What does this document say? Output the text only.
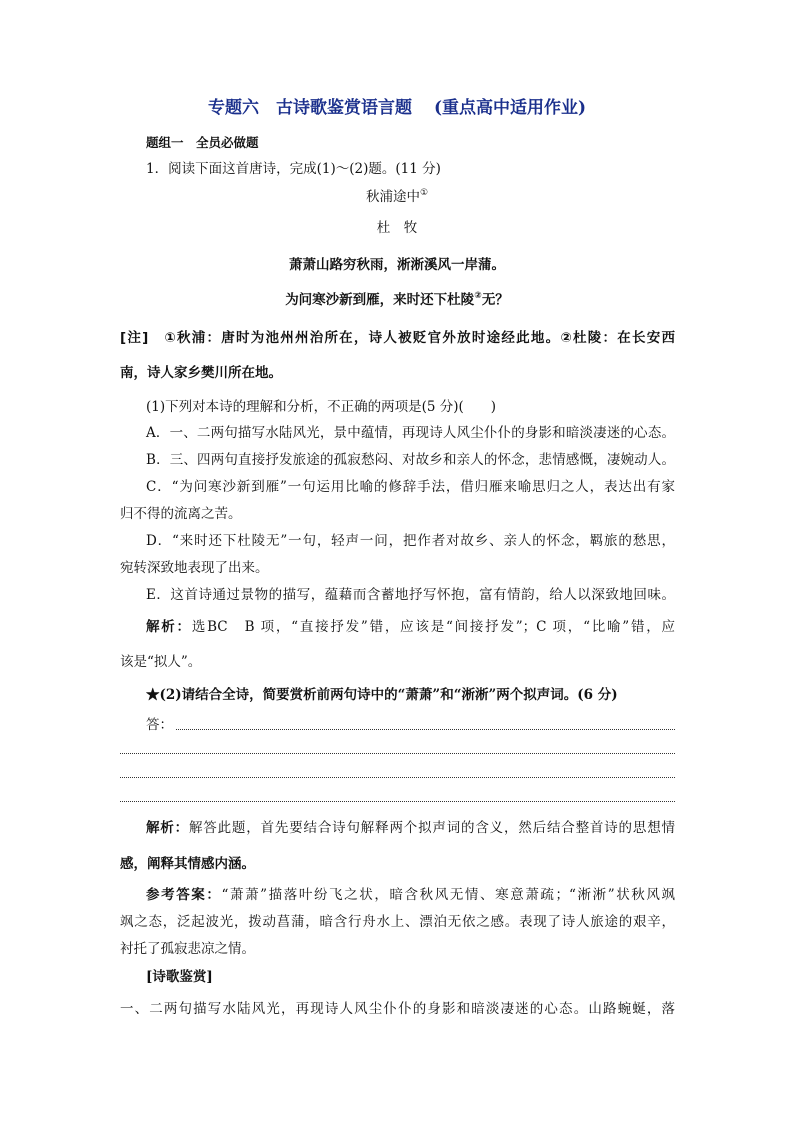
专题六　古诗歌鉴赏语言题 (重点高中适用作业)
题组一　全员必做题
1．阅读下面这首唐诗，完成(1)～(2)题。(11 分)
秋浦途中①
杜　牧
萧萧山路穷秋雨，淅淅溪风一岸蒲。
为问寒沙新到雁，来时还下杜陵②无？
[注]　①秋浦：唐时为池州州治所在，诗人被贬官外放时途经此地。②杜陵：在长安西
南，诗人家乡樊川所在地。
(1)下列对本诗的理解和分析，不正确的两项是(5 分)(　　)
A．一、二两句描写水陆风光，景中蕴情，再现诗人风尘仆仆的身影和暗淡凄迷的心态。
B．三、四两句直接抒发旅途的孤寂愁闷、对故乡和亲人的怀念，悲情感慨，凄婉动人。
C．“为问寒沙新到雁”一句运用比喻的修辞手法，借归雁来喻思归之人，表达出有家
归不得的流离之苦。
D．“来时还下杜陵无”一句，轻声一问，把作者对故乡、亲人的怀念，羁旅的愁思，
宛转深致地表现了出来。
E．这首诗通过景物的描写，蕴藉而含蓄地抒写怀抱，富有情韵，给人以深致地回味。
解析：选BC　B 项，“直接抒发”错，应该是“间接抒发”；C 项，“比喻”错，应
该是“拟人”。
★(2)请结合全诗，简要赏析前两句诗中的“萧萧”和“淅淅”两个拟声词。(6 分)
答：
解析：解答此题，首先要结合诗句解释两个拟声词的含义，然后结合整首诗的思想情
感，阐释其情感内涵。
参考答案：“萧萧”描落叶纷飞之状，暗含秋风无情、寒意萧疏；“淅淅”状秋风飒
飒之态，泛起波光，拨动菖蒲，暗含行舟水上、漂泊无依之感。表现了诗人旅途的艰辛，
衬托了孤寂悲凉之情。
[诗歌鉴赏]
一、二两句描写水陆风光，再现诗人风尘仆仆的身影和暗淡凄迷的心态。山路蜿蜒，落
